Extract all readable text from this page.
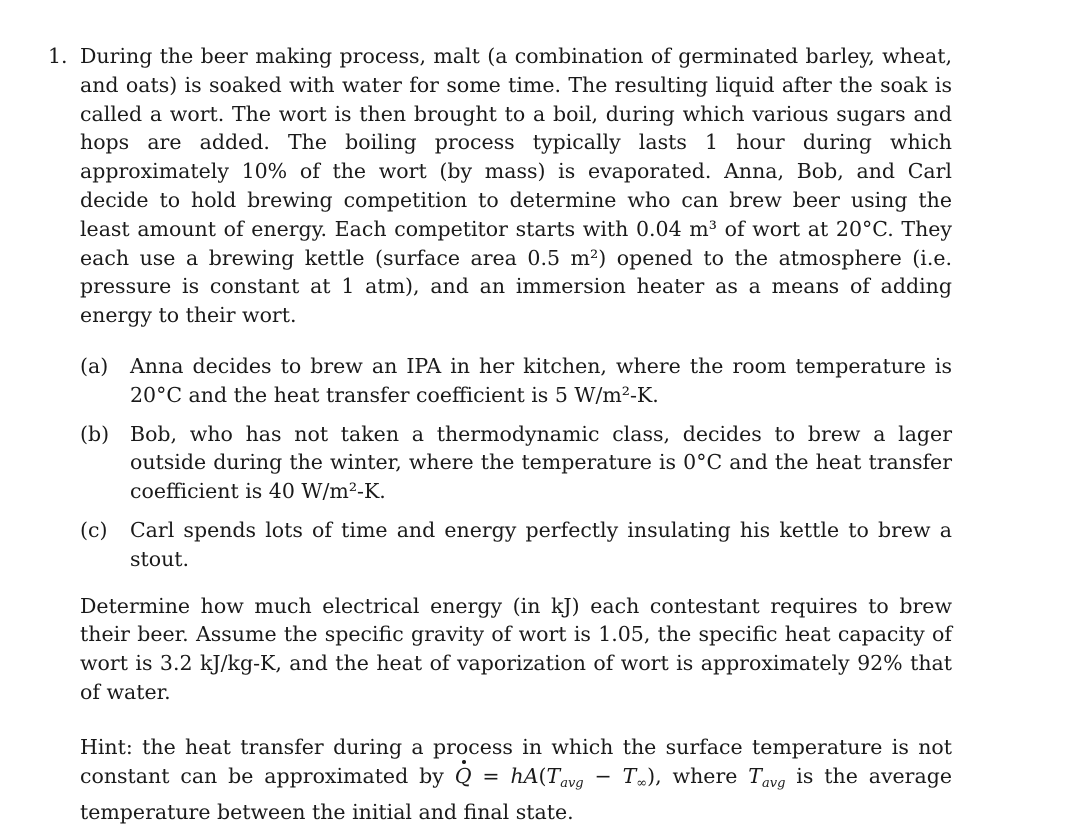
1. During the beer making process, malt (a combination of germinated barley, wheat, and oats) is soaked with water for some time. The resulting liquid after the soak is called a wort. The wort is then brought to a boil, during which various sugars and hops are added. The boiling process typically lasts 1 hour during which approximately 10% of the wort (by mass) is evaporated. Anna, Bob, and Carl decide to hold brewing competition to determine who can brew beer using the least amount of energy. Each competitor starts with 0.04 m³ of wort at 20°C. They each use a brewing kettle (surface area 0.5 m²) opened to the atmosphere (i.e. pressure is constant at 1 atm), and an immersion heater as a means of adding energy to their wort.
(a) Anna decides to brew an IPA in her kitchen, where the room temperature is 20°C and the heat transfer coefficient is 5 W/m²-K.
(b) Bob, who has not taken a thermodynamic class, decides to brew a lager outside during the winter, where the temperature is 0°C and the heat transfer coefficient is 40 W/m²-K.
(c) Carl spends lots of time and energy perfectly insulating his kettle to brew a stout.
Determine how much electrical energy (in kJ) each contestant requires to brew their beer. Assume the specific gravity of wort is 1.05, the specific heat capacity of wort is 3.2 kJ/kg-K, and the heat of vaporization of wort is approximately 92% that of water.
Hint: the heat transfer during a process in which the surface temperature is not constant can be approximated by $Q = hA(T_{avg} - T_\infty)$, where $T_{avg}$ is the average temperature between the initial and final state.
